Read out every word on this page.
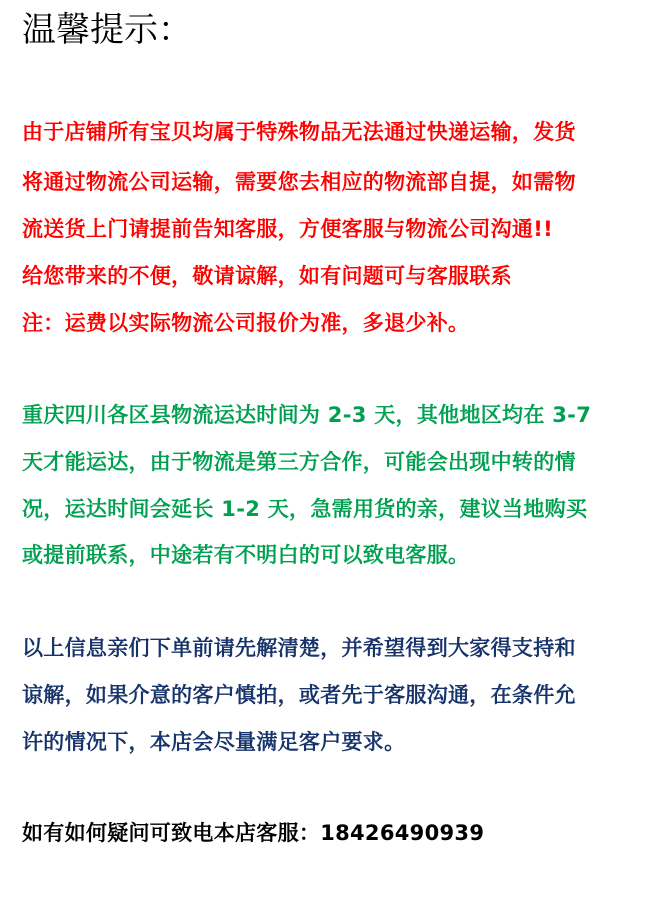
温馨提示：
由于店铺所有宝贝均属于特殊物品无法通过快递运输，发货
将通过物流公司运输，需要您去相应的物流部自提，如需物
流送货上门请提前告知客服，方便客服与物流公司沟通!!
给您带来的不便，敬请谅解，如有问题可与客服联系
注：运费以实际物流公司报价为准，多退少补。
重庆四川各区县物流运达时间为 2-3 天，其他地区均在 3-7
天才能运达，由于物流是第三方合作，可能会出现中转的情
况，运达时间会延长 1-2 天，急需用货的亲，建议当地购买
或提前联系，中途若有不明白的可以致电客服。
以上信息亲们下单前请先解清楚，并希望得到大家得支持和
谅解，如果介意的客户慎拍，或者先于客服沟通，在条件允
许的情况下，本店会尽量满足客户要求。
如有如何疑问可致电本店客服：18426490939
